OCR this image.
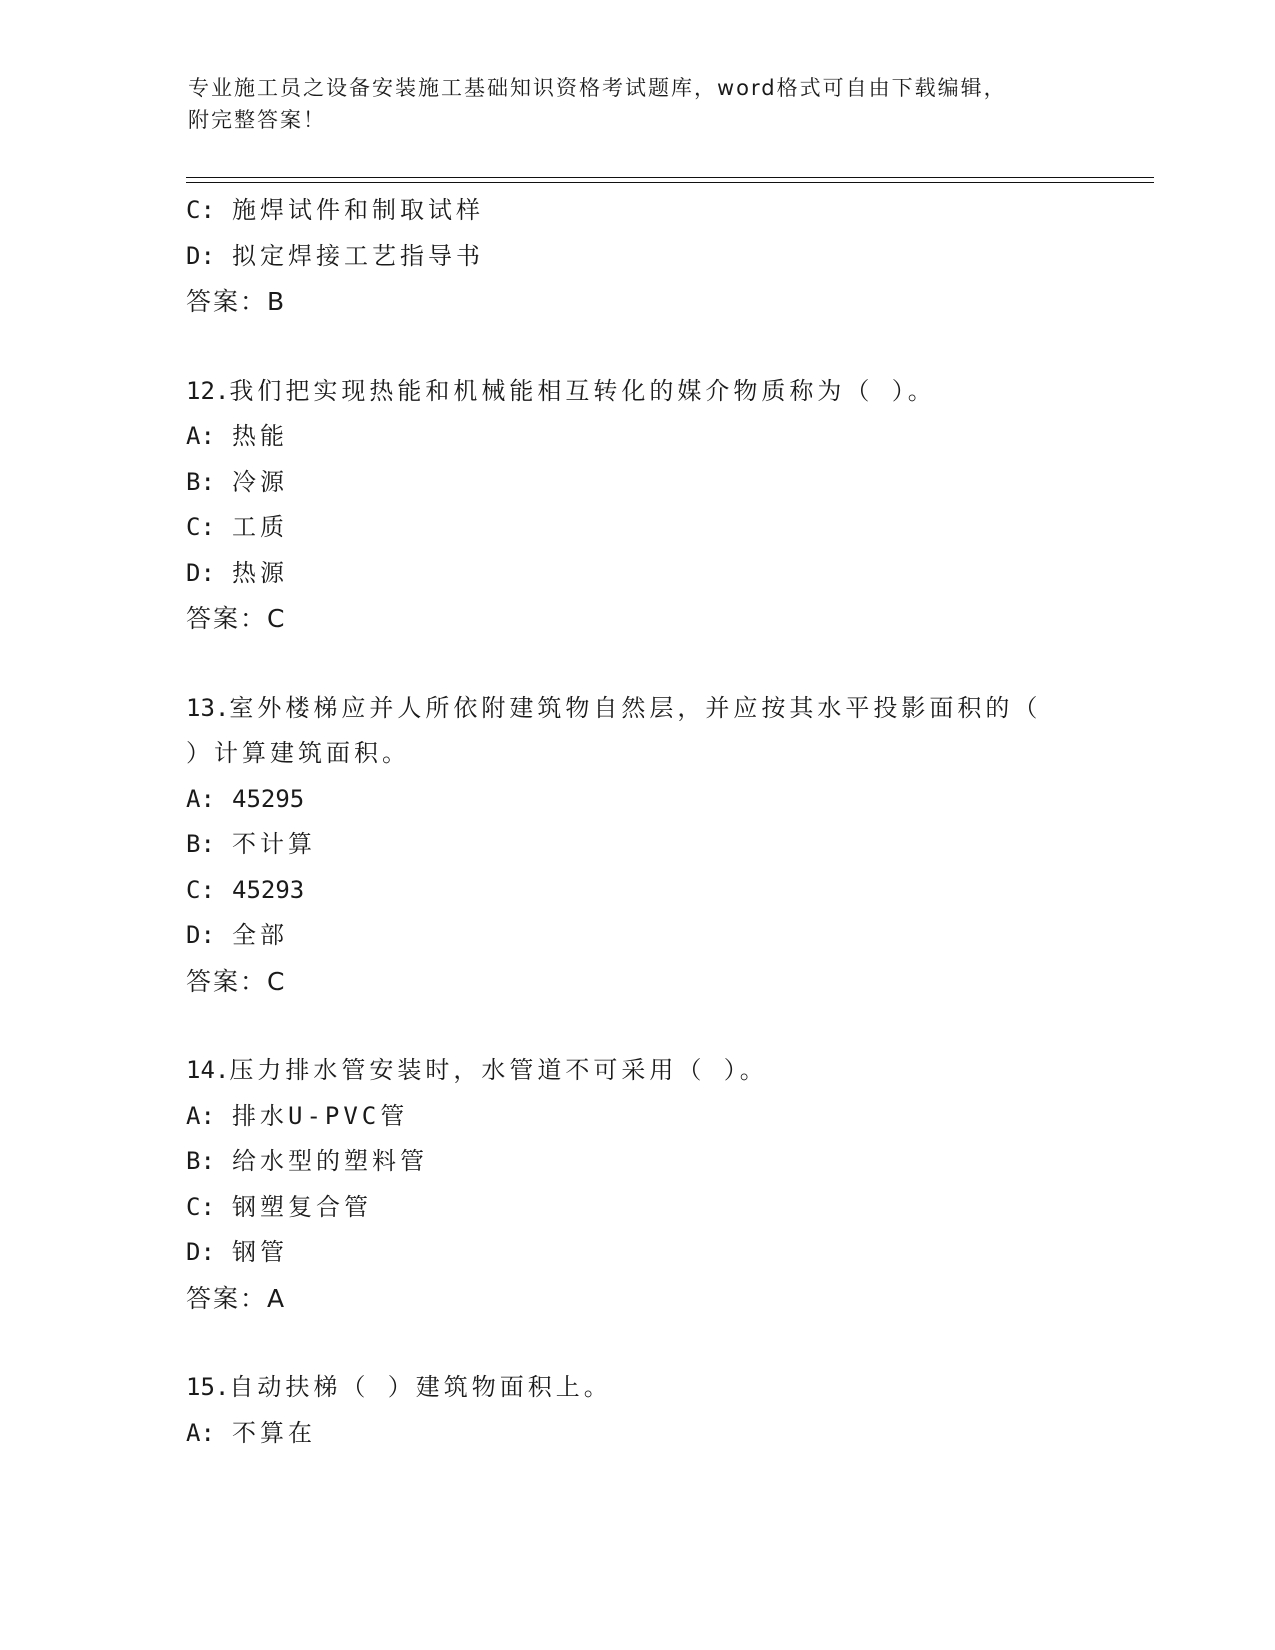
专业施工员之设备安装施工基础知识资格考试题库，word格式可自由下载编辑，
附完整答案！
C: 施焊试件和制取试样
D: 拟定焊接工艺指导书
答案：B
12.我们把实现热能和机械能相互转化的媒介物质称为（ ）。
A: 热能
B: 冷源
C: 工质
D: 热源
答案：C
13.室外楼梯应并人所依附建筑物自然层，并应按其水平投影面积的（
）计算建筑面积。
A: 45295
B: 不计算
C: 45293
D: 全部
答案：C
14.压力排水管安装时，水管道不可采用（ ）。
A: 排水U-PVC管
B: 给水型的塑料管
C: 钢塑复合管
D: 钢管
答案：A
15.自动扶梯（ ）建筑物面积上。
A: 不算在
